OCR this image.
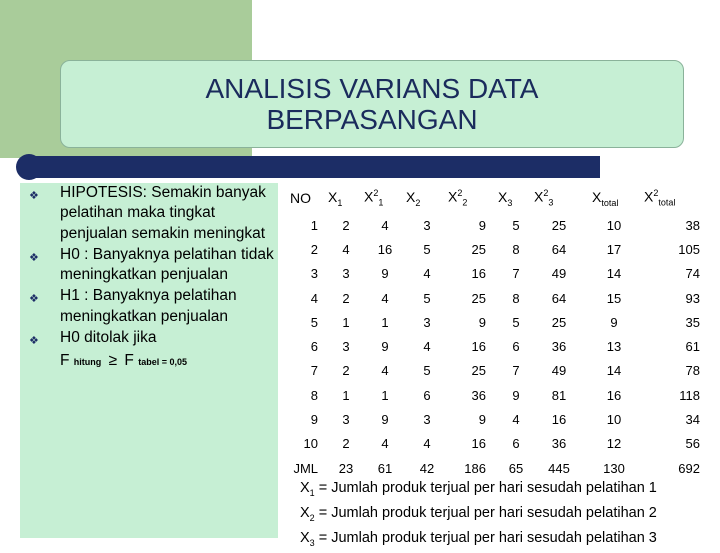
ANALISIS VARIANS DATA
BERPASANGAN
❖ HIPOTESIS: Semakin banyak pelatihan maka tingkat penjualan semakin meningkat
❖ H0 : Banyaknya pelatihan tidak meningkatkan penjualan
❖ H1 : Banyaknya pelatihan meningkatkan penjualan
❖ H0 ditolak jika
F hitung ≥ F tabel = 0,05
NO	$X_1$	$X^2_1$	$X_2$	$X^2_2$	$X_3$	$X^2_3$	$X_{total}$	$X^2_{total}$
1	2	4	3	9	5	25	10	38
2	4	16	5	25	8	64	17	105
3	3	9	4	16	7	49	14	74
4	2	4	5	25	8	64	15	93
5	1	1	3	9	5	25	9	35
6	3	9	4	16	6	36	13	61
7	2	4	5	25	7	49	14	78
8	1	1	6	36	9	81	16	118
9	3	9	3	9	4	16	10	34
10	2	4	4	16	6	36	12	56
JML	23	61	42	186	65	445	130	692
$X_1$ = Jumlah produk terjual per hari sesudah pelatihan 1
$X_2$ = Jumlah produk terjual per hari sesudah pelatihan 2
$X_3$ = Jumlah produk terjual per hari sesudah pelatihan 3
